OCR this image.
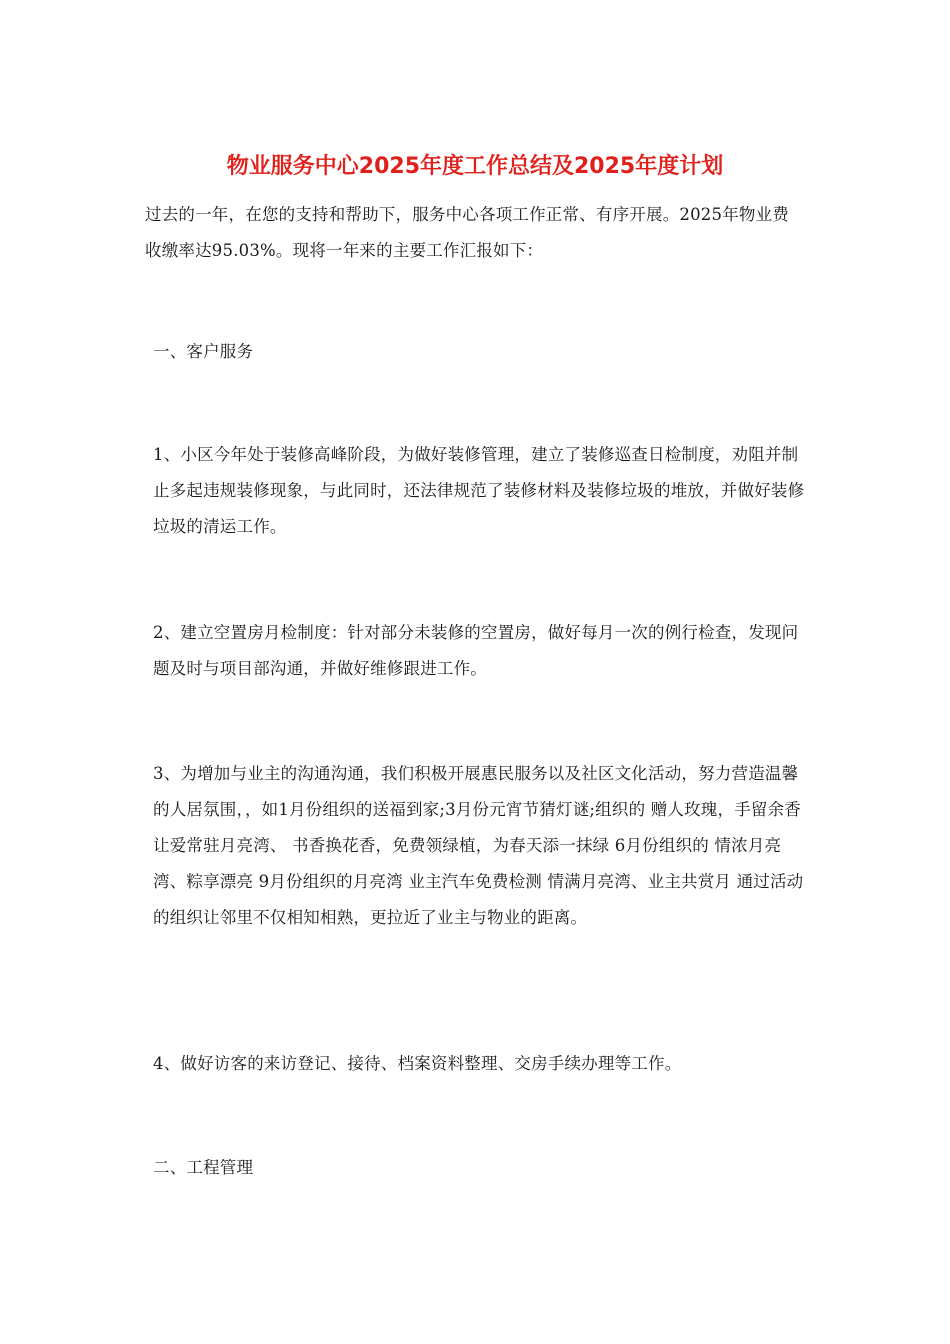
物业服务中心2025年度工作总结及2025年度计划

过去的一年，在您的支持和帮助下，服务中心各项工作正常、有序开展。2025年物业费收缴率达95.03%。现将一年来的主要工作汇报如下：

一、客户服务

1、小区今年处于装修高峰阶段，为做好装修管理，建立了装修巡查日检制度，劝阻并制止多起违规装修现象，与此同时，还法律规范了装修材料及装修垃圾的堆放，并做好装修垃圾的清运工作。

2、建立空置房月检制度：针对部分未装修的空置房，做好每月一次的例行检查，发现问题及时与项目部沟通，并做好维修跟进工作。

3、为增加与业主的沟通沟通，我们积极开展惠民服务以及社区文化活动，努力营造温馨的人居氛围，，如1月份组织的送福到家;3月份元宵节猜灯谜;组织的 赠人玫瑰，手留余香 让爱常驻月亮湾、 书香换花香，免费领绿植，为春天添一抹绿 6月份组织的 情浓月亮湾、粽享漂亮 9月份组织的月亮湾 业主汽车免费检测 情满月亮湾、业主共赏月 通过活动的组织让邻里不仅相知相熟，更拉近了业主与物业的距离。

4、做好访客的来访登记、接待、档案资料整理、交房手续办理等工作。

二、工程管理
